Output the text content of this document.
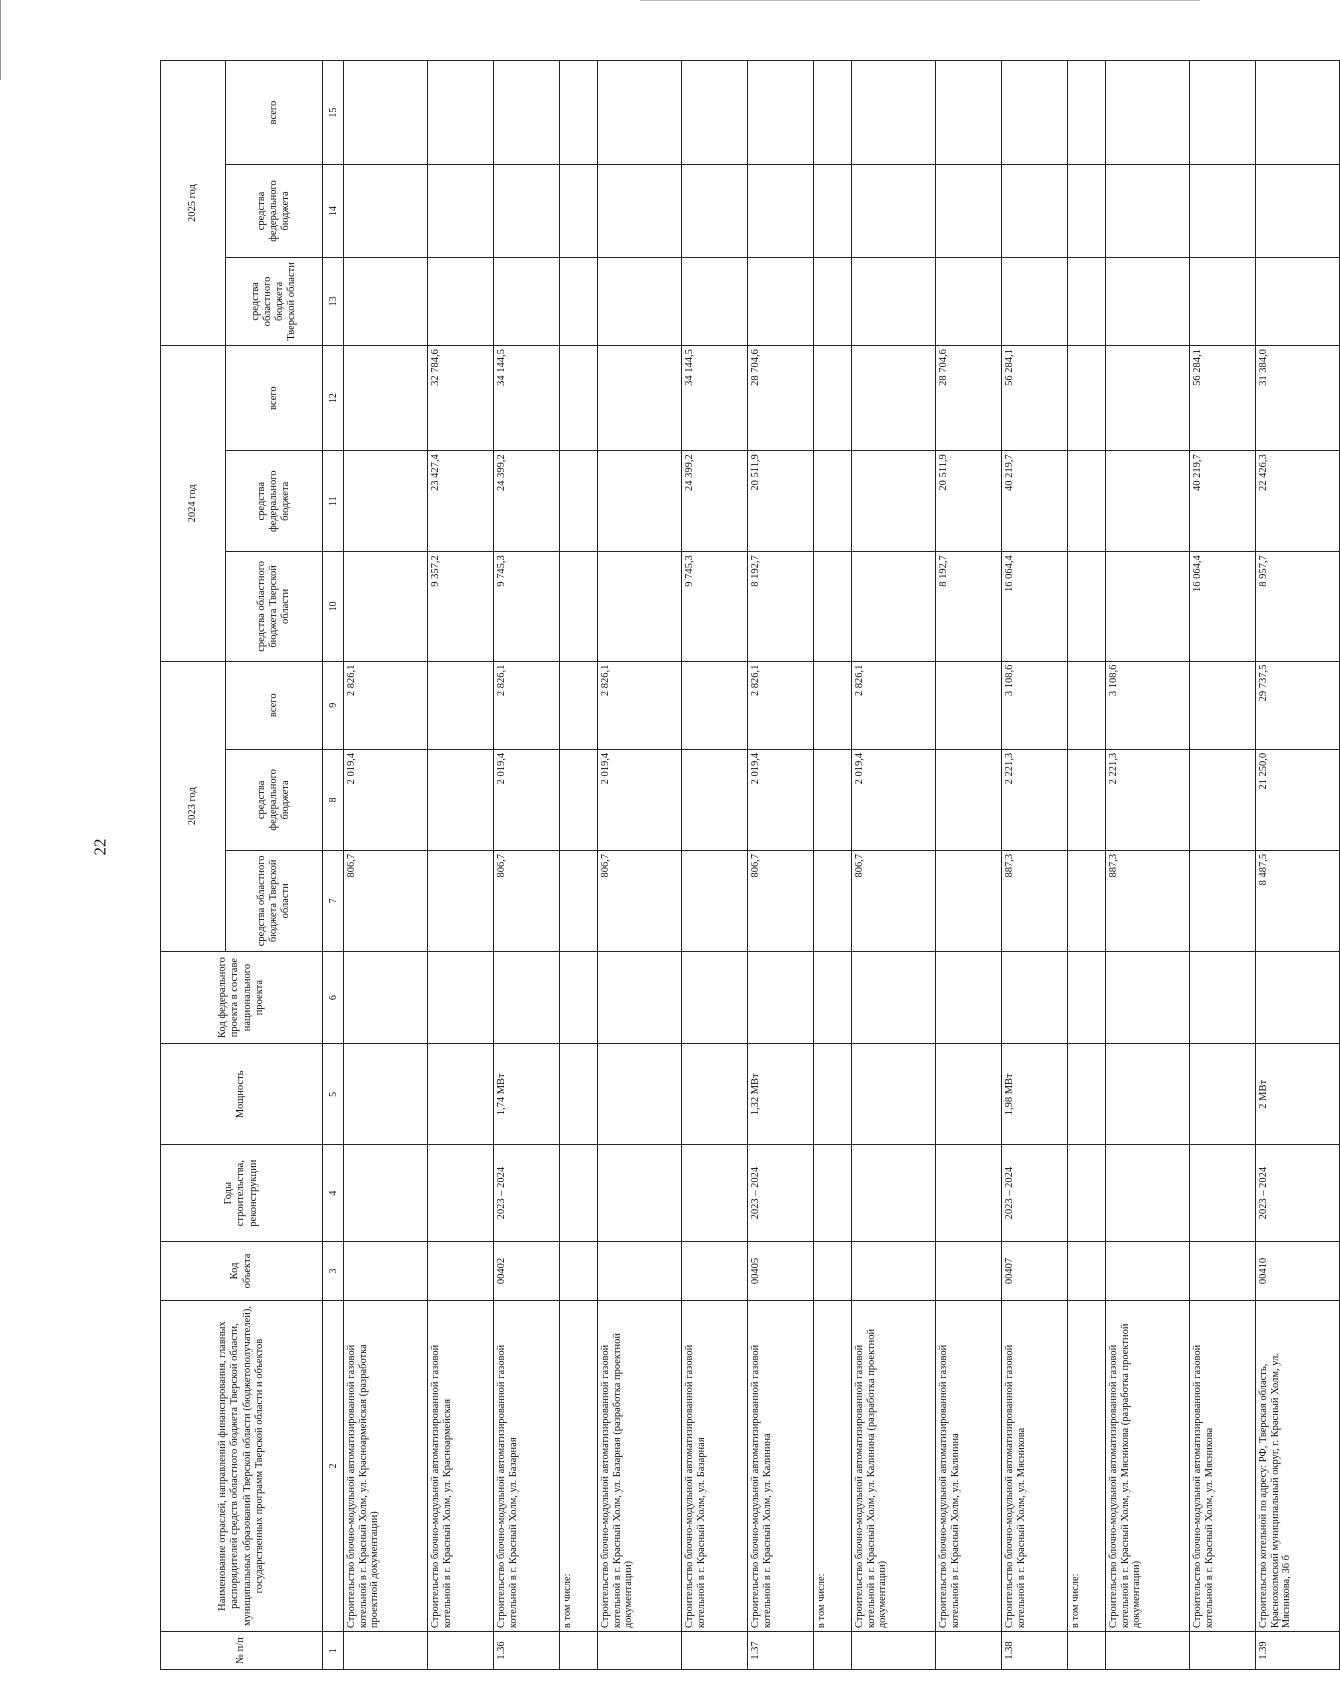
22
№ п/п	Наименование отраслей, направлений финансирования, главных распорядителей средств областного бюджета Тверской области, муниципальных образований Тверской области (бюджетополучателей), государственных программ Тверской области и объектов	Код объекта	Годы строительства, реконструкции	Мощность	Код федерального проекта в составе национального проекта	2023 год			2024 год			2025 год		
						средства областного бюджета Тверской области	средства федерального бюджета	всего	средства областного бюджета Тверской области	средства федерального бюджета	всего	средства областного бюджета Тверской области	средства федерального бюджета	всего
1	2	3	4	5	6	7	8	9	10	11	12	13	14	15
	Строительство блочно-модульной автоматизированной газовой котельной в г. Красный Холм, ул. Красноармейская (разработка проектной документации)					806,7	2 019,4	2 826,1						
	Строительство блочно-модульной автоматизированной газовой котельной в г. Красный Холм, ул. Красноармейская								9 357,2	23 427,4	32 784,6			
1.36	Строительство блочно-модульной автоматизированной газовой котельной в г. Красный Холм, ул. Базарная	00402	2023 – 2024	1,74 МВт		806,7	2 019,4	2 826,1	9 745,3	24 399,2	34 144,5			
	в том числе:													
	Строительство блочно-модульной автоматизированной газовой котельной в г. Красный Холм, ул. Базарная (разработка проектной документации)					806,7	2 019,4	2 826,1						
	Строительство блочно-модульной автоматизированной газовой котельной в г. Красный Холм, ул. Базарная								9 745,3	24 399,2	34 144,5			
1.37	Строительство блочно-модульной автоматизированной газовой котельной в г. Красный Холм, ул. Калинина	00405	2023 – 2024	1,32 МВт		806,7	2 019,4	2 826,1	8 192,7	20 511,9	28 704,6			
	в том числе:													
	Строительство блочно-модульной автоматизированной газовой котельной в г. Красный Холм, ул. Калинина (разработка проектной документации)					806,7	2 019,4	2 826,1						
	Строительство блочно-модульной автоматизированной газовой котельной в г. Красный Холм, ул. Калинина								8 192,7	20 511,9	28 704,6			
1.38	Строительство блочно-модульной автоматизированной газовой котельной в г. Красный Холм, ул. Мясникова	00407	2023 – 2024	1,98 МВт		887,3	2 221,3	3 108,6	16 064,4	40 219,7	56 284,1			
	в том числе:													
	Строительство блочно-модульной автоматизированной газовой котельной в г. Красный Холм, ул. Мясникова (разработка проектной документации)					887,3	2 221,3	3 108,6						
	Строительство блочно-модульной автоматизированной газовой котельной в г. Красный Холм, ул. Мясникова								16 064,4	40 219,7	56 284,1			
1.39	Строительство котельной по адресу: РФ, Тверская область, Краснохолмский муниципальный округ, г. Красный Холм, ул. Мясникова, 36 б	00410	2023 – 2024	2 МВт		8 487,5	21 250,0	29 737,5	8 957,7	22 426,3	31 384,0			
